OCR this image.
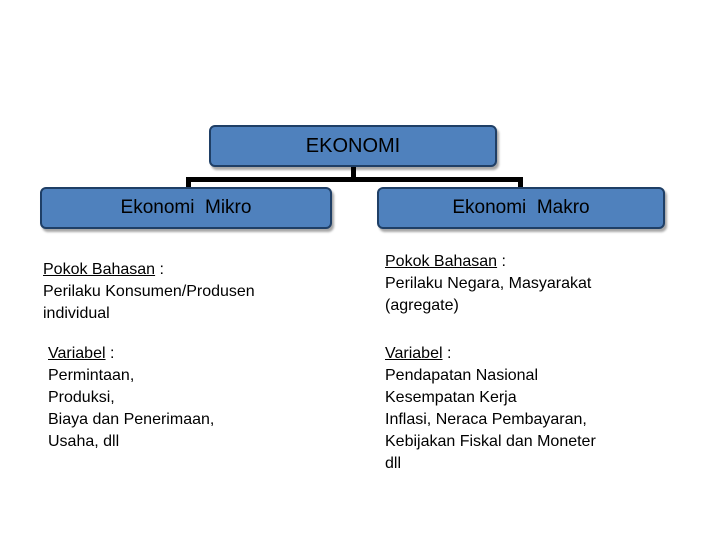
EKONOMI
Ekonomi  Mikro	Ekonomi  Makro
Pokok Bahasan :
Perilaku Konsumen/Produsen
individual
Variabel :
Permintaan,
Produksi,
Biaya dan Penerimaan,
Usaha, dll
Pokok Bahasan :
Perilaku Negara, Masyarakat
(agregate)
Variabel :
Pendapatan Nasional
Kesempatan Kerja
Inflasi, Neraca Pembayaran,
Kebijakan Fiskal dan Moneter
dll
